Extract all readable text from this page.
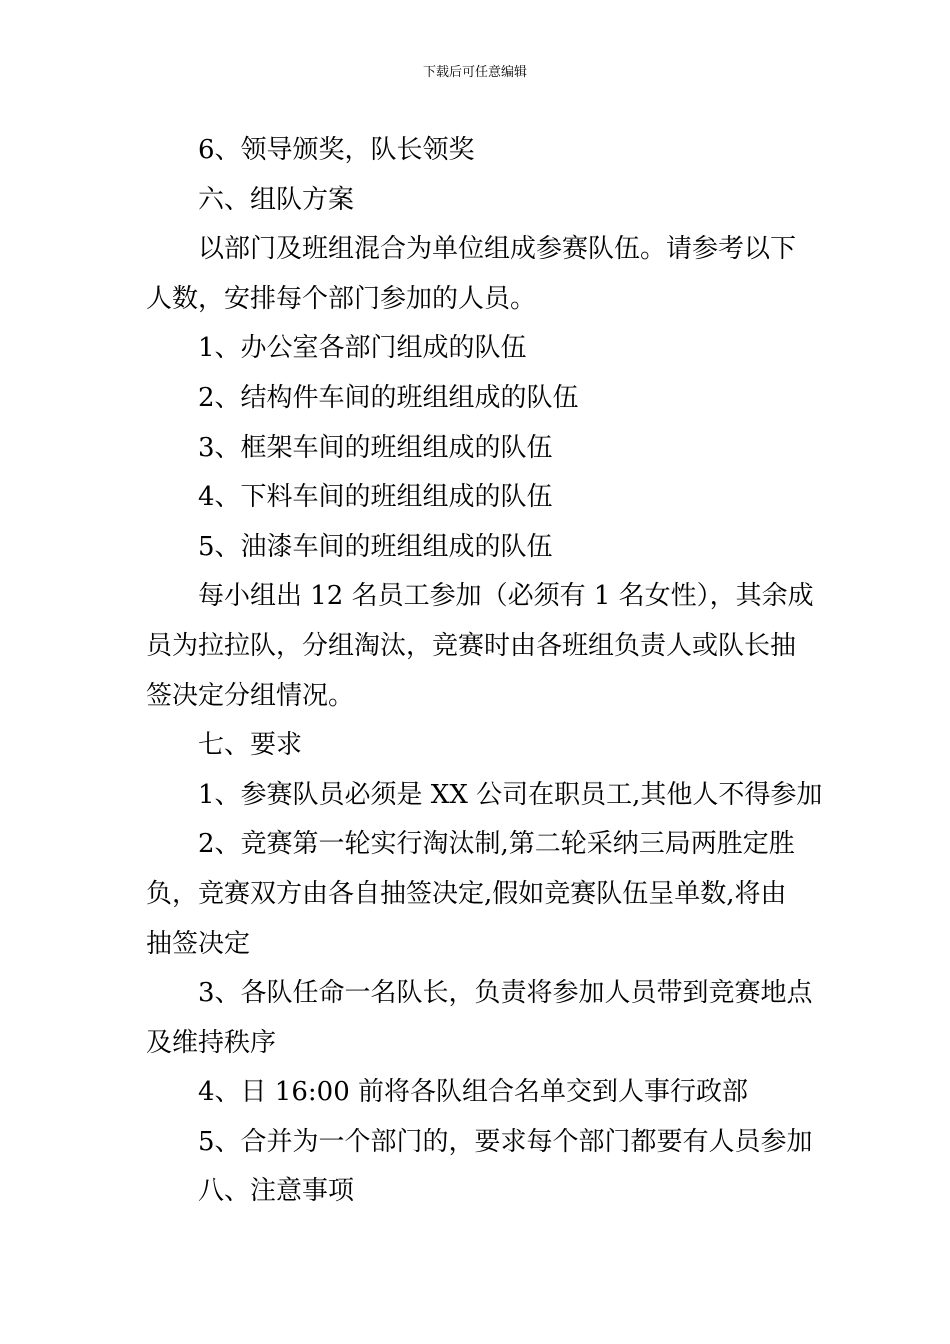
下载后可任意编辑
6、领导颁奖，队长领奖
六、组队方案
以部门及班组混合为单位组成参赛队伍。请参考以下
人数，安排每个部门参加的人员。
1、办公室各部门组成的队伍
2、结构件车间的班组组成的队伍
3、框架车间的班组组成的队伍
4、下料车间的班组组成的队伍
5、油漆车间的班组组成的队伍
每小组出 12 名员工参加（必须有 1 名女性），其余成
员为拉拉队，分组淘汰，竞赛时由各班组负责人或队长抽
签决定分组情况。
七、要求
1、参赛队员必须是 XX 公司在职员工,其他人不得参加
2、竞赛第一轮实行淘汰制,第二轮采纳三局两胜定胜
负，竞赛双方由各自抽签决定,假如竞赛队伍呈单数,将由
抽签决定
3、各队任命一名队长，负责将参加人员带到竞赛地点
及维持秩序
4、日 16:00 前将各队组合名单交到人事行政部
5、合并为一个部门的，要求每个部门都要有人员参加
八、注意事项
